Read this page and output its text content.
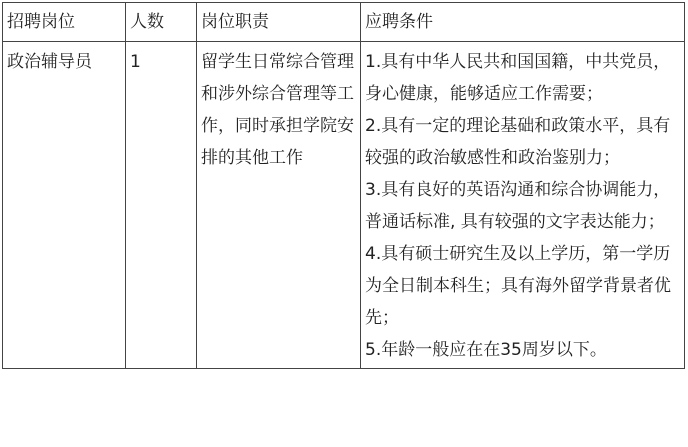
招聘岗位	人数	岗位职责	应聘条件
政治辅导员	1	留学生日常综合管理和涉外综合管理等工作，同时承担学院安排的其他工作	1.具有中华人民共和国国籍，中共党员，身心健康，能够适应工作需要；
2.具有一定的理论基础和政策水平，具有较强的政治敏感性和政治鉴别力；
3.具有良好的英语沟通和综合协调能力，普通话标准, 具有较强的文字表达能力；
4.具有硕士研究生及以上学历，第一学历为全日制本科生；具有海外留学背景者优先；
5.年龄一般应在在35周岁以下。
